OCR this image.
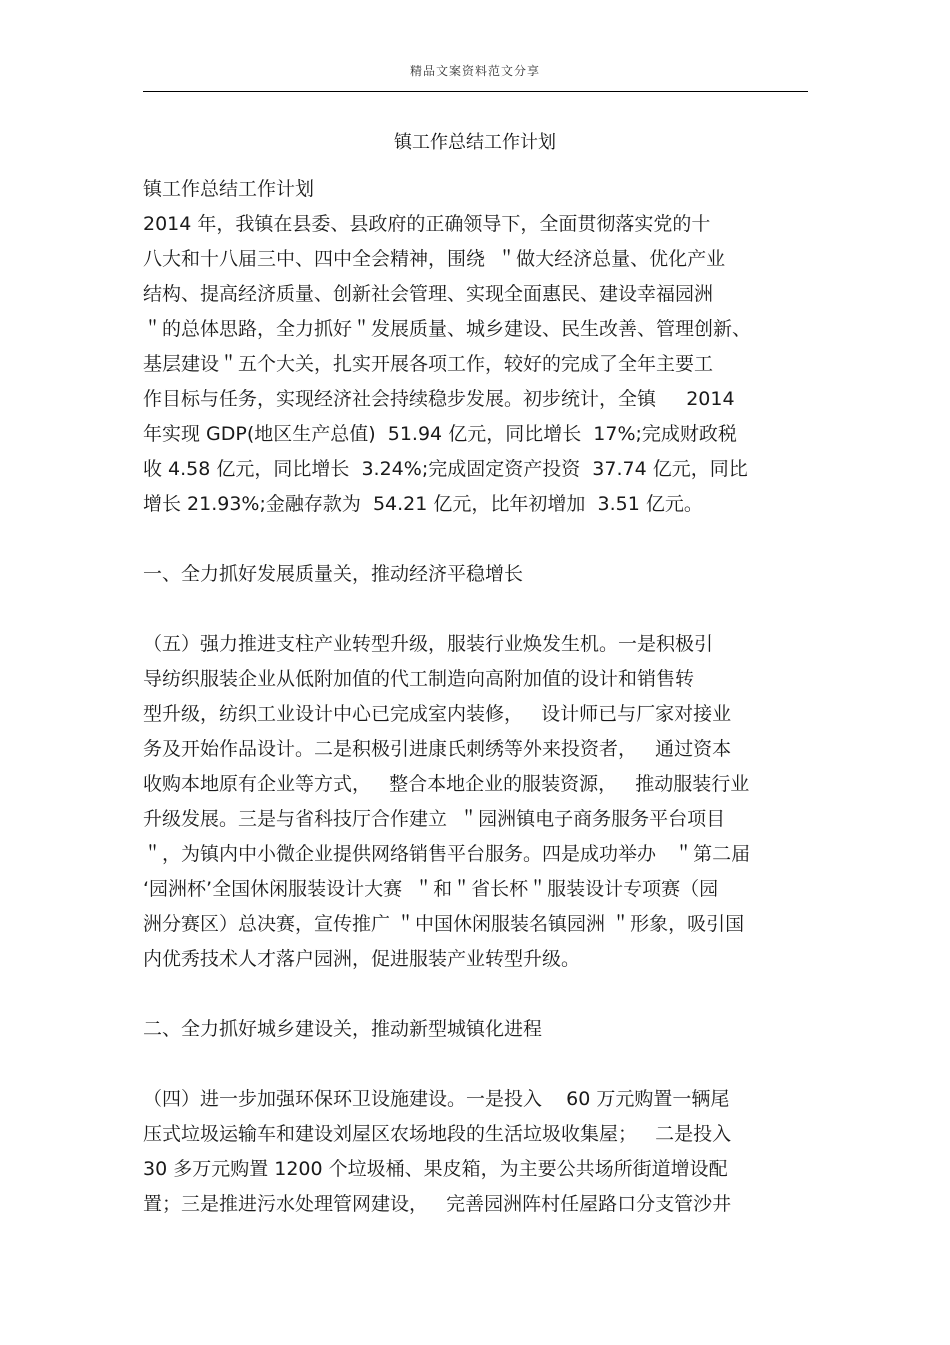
精品文案资料范文分享
镇工作总结工作计划
镇工作总结工作计划
2014 年，我镇在县委、县政府的正确领导下，全面贯彻落实党的十
八大和十八届三中、四中全会精神，围绕  ＂做大经济总量、优化产业
结构、提高经济质量、创新社会管理、实现全面惠民、建设幸福园洲
＂的总体思路，全力抓好＂发展质量、城乡建设、民生改善、管理创新、
基层建设＂五个大关，扎实开展各项工作，较好的完成了全年主要工
作目标与任务，实现经济社会持续稳步发展。初步统计，全镇     2014
年实现 GDP(地区生产总值)  51.94 亿元，同比增长  17%;完成财政税
收 4.58 亿元，同比增长  3.24%;完成固定资产投资  37.74 亿元，同比
增长 21.93%;金融存款为  54.21 亿元，比年初增加  3.51 亿元。
一、全力抓好发展质量关，推动经济平稳增长
（五）强力推进支柱产业转型升级，服装行业焕发生机。一是积极引
导纺织服装企业从低附加值的代工制造向高附加值的设计和销售转
型升级，纺织工业设计中心已完成室内装修，   设计师已与厂家对接业
务及开始作品设计。二是积极引进康氏刺绣等外来投资者，   通过资本
收购本地原有企业等方式，   整合本地企业的服装资源，   推动服装行业
升级发展。三是与省科技厅合作建立  ＂园洲镇电子商务服务平台项目
＂，为镇内中小微企业提供网络销售平台服务。四是成功举办   ＂第二届
‘园洲杯’全国休闲服装设计大赛  ＂和＂省长杯＂服装设计专项赛（园
洲分赛区）总决赛，宣传推广 ＂中国休闲服装名镇园洲 ＂形象，吸引国
内优秀技术人才落户园洲，促进服装产业转型升级。
二、全力抓好城乡建设关，推动新型城镇化进程
（四）进一步加强环保环卫设施建设。一是投入    60 万元购置一辆尾
压式垃圾运输车和建设刘屋区农场地段的生活垃圾收集屋；   二是投入
30 多万元购置 1200 个垃圾桶、果皮箱，为主要公共场所街道增设配
置；三是推进污水处理管网建设，   完善园洲阵村任屋路口分支管沙井
